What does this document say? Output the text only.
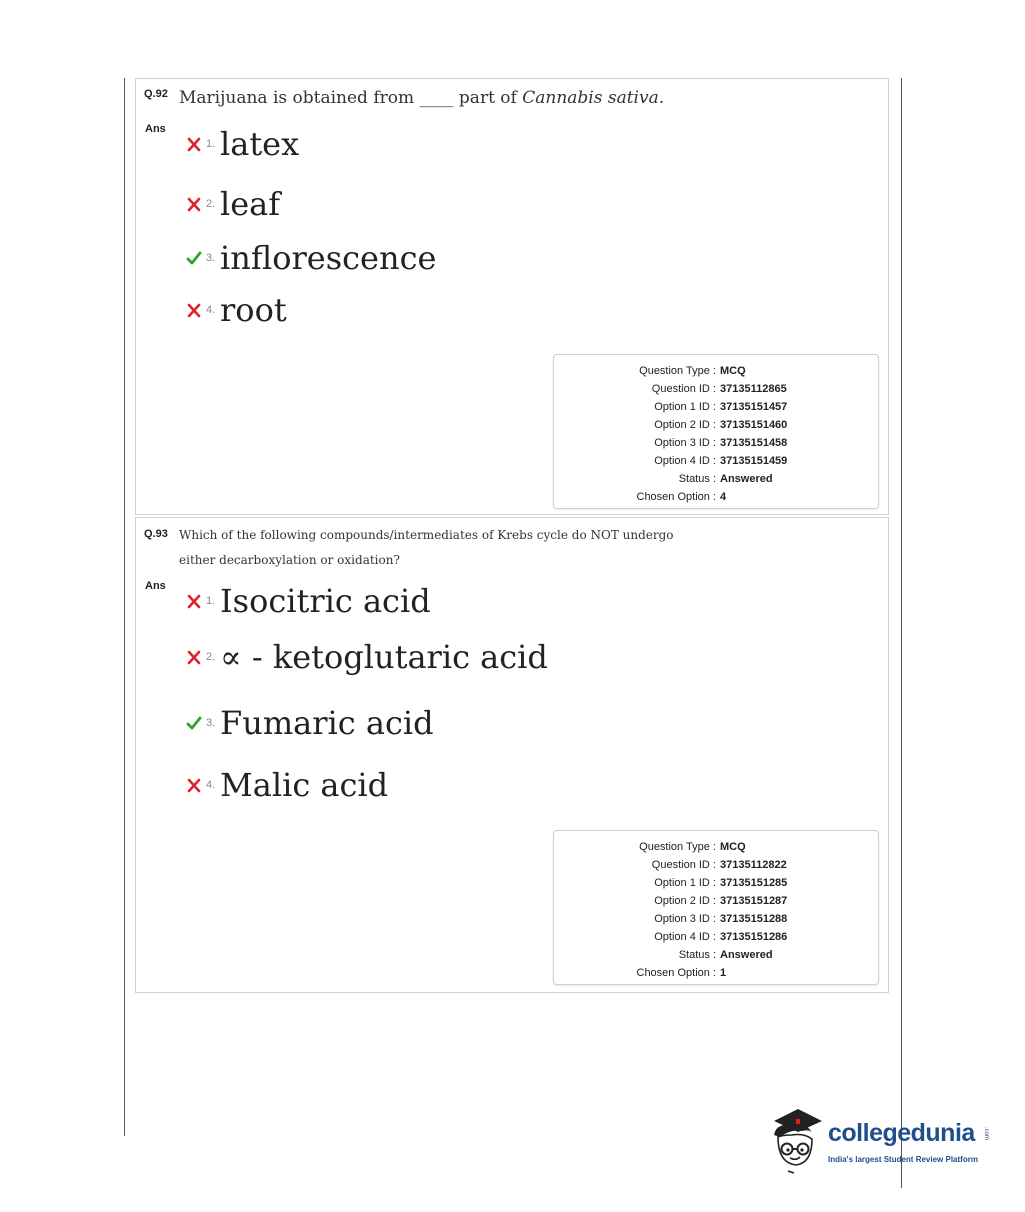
Q.92 Marijuana is obtained from ____ part of Cannabis sativa.
Ans
1. latex
2. leaf
3. inflorescence
4. root
Question Type : MCQ
Question ID : 37135112865
Option 1 ID : 37135151457
Option 2 ID : 37135151460
Option 3 ID : 37135151458
Option 4 ID : 37135151459
Status : Answered
Chosen Option : 4
Q.93 Which of the following compounds/intermediates of Krebs cycle do NOT undergo
either decarboxylation or oxidation?
Ans
1. Isocitric acid
2. ∝ - ketoglutaric acid
3. Fumaric acid
4. Malic acid
Question Type : MCQ
Question ID : 37135112822
Option 1 ID : 37135151285
Option 2 ID : 37135151287
Option 3 ID : 37135151288
Option 4 ID : 37135151286
Status : Answered
Chosen Option : 1
collegedunia .com
India's largest Student Review Platform
